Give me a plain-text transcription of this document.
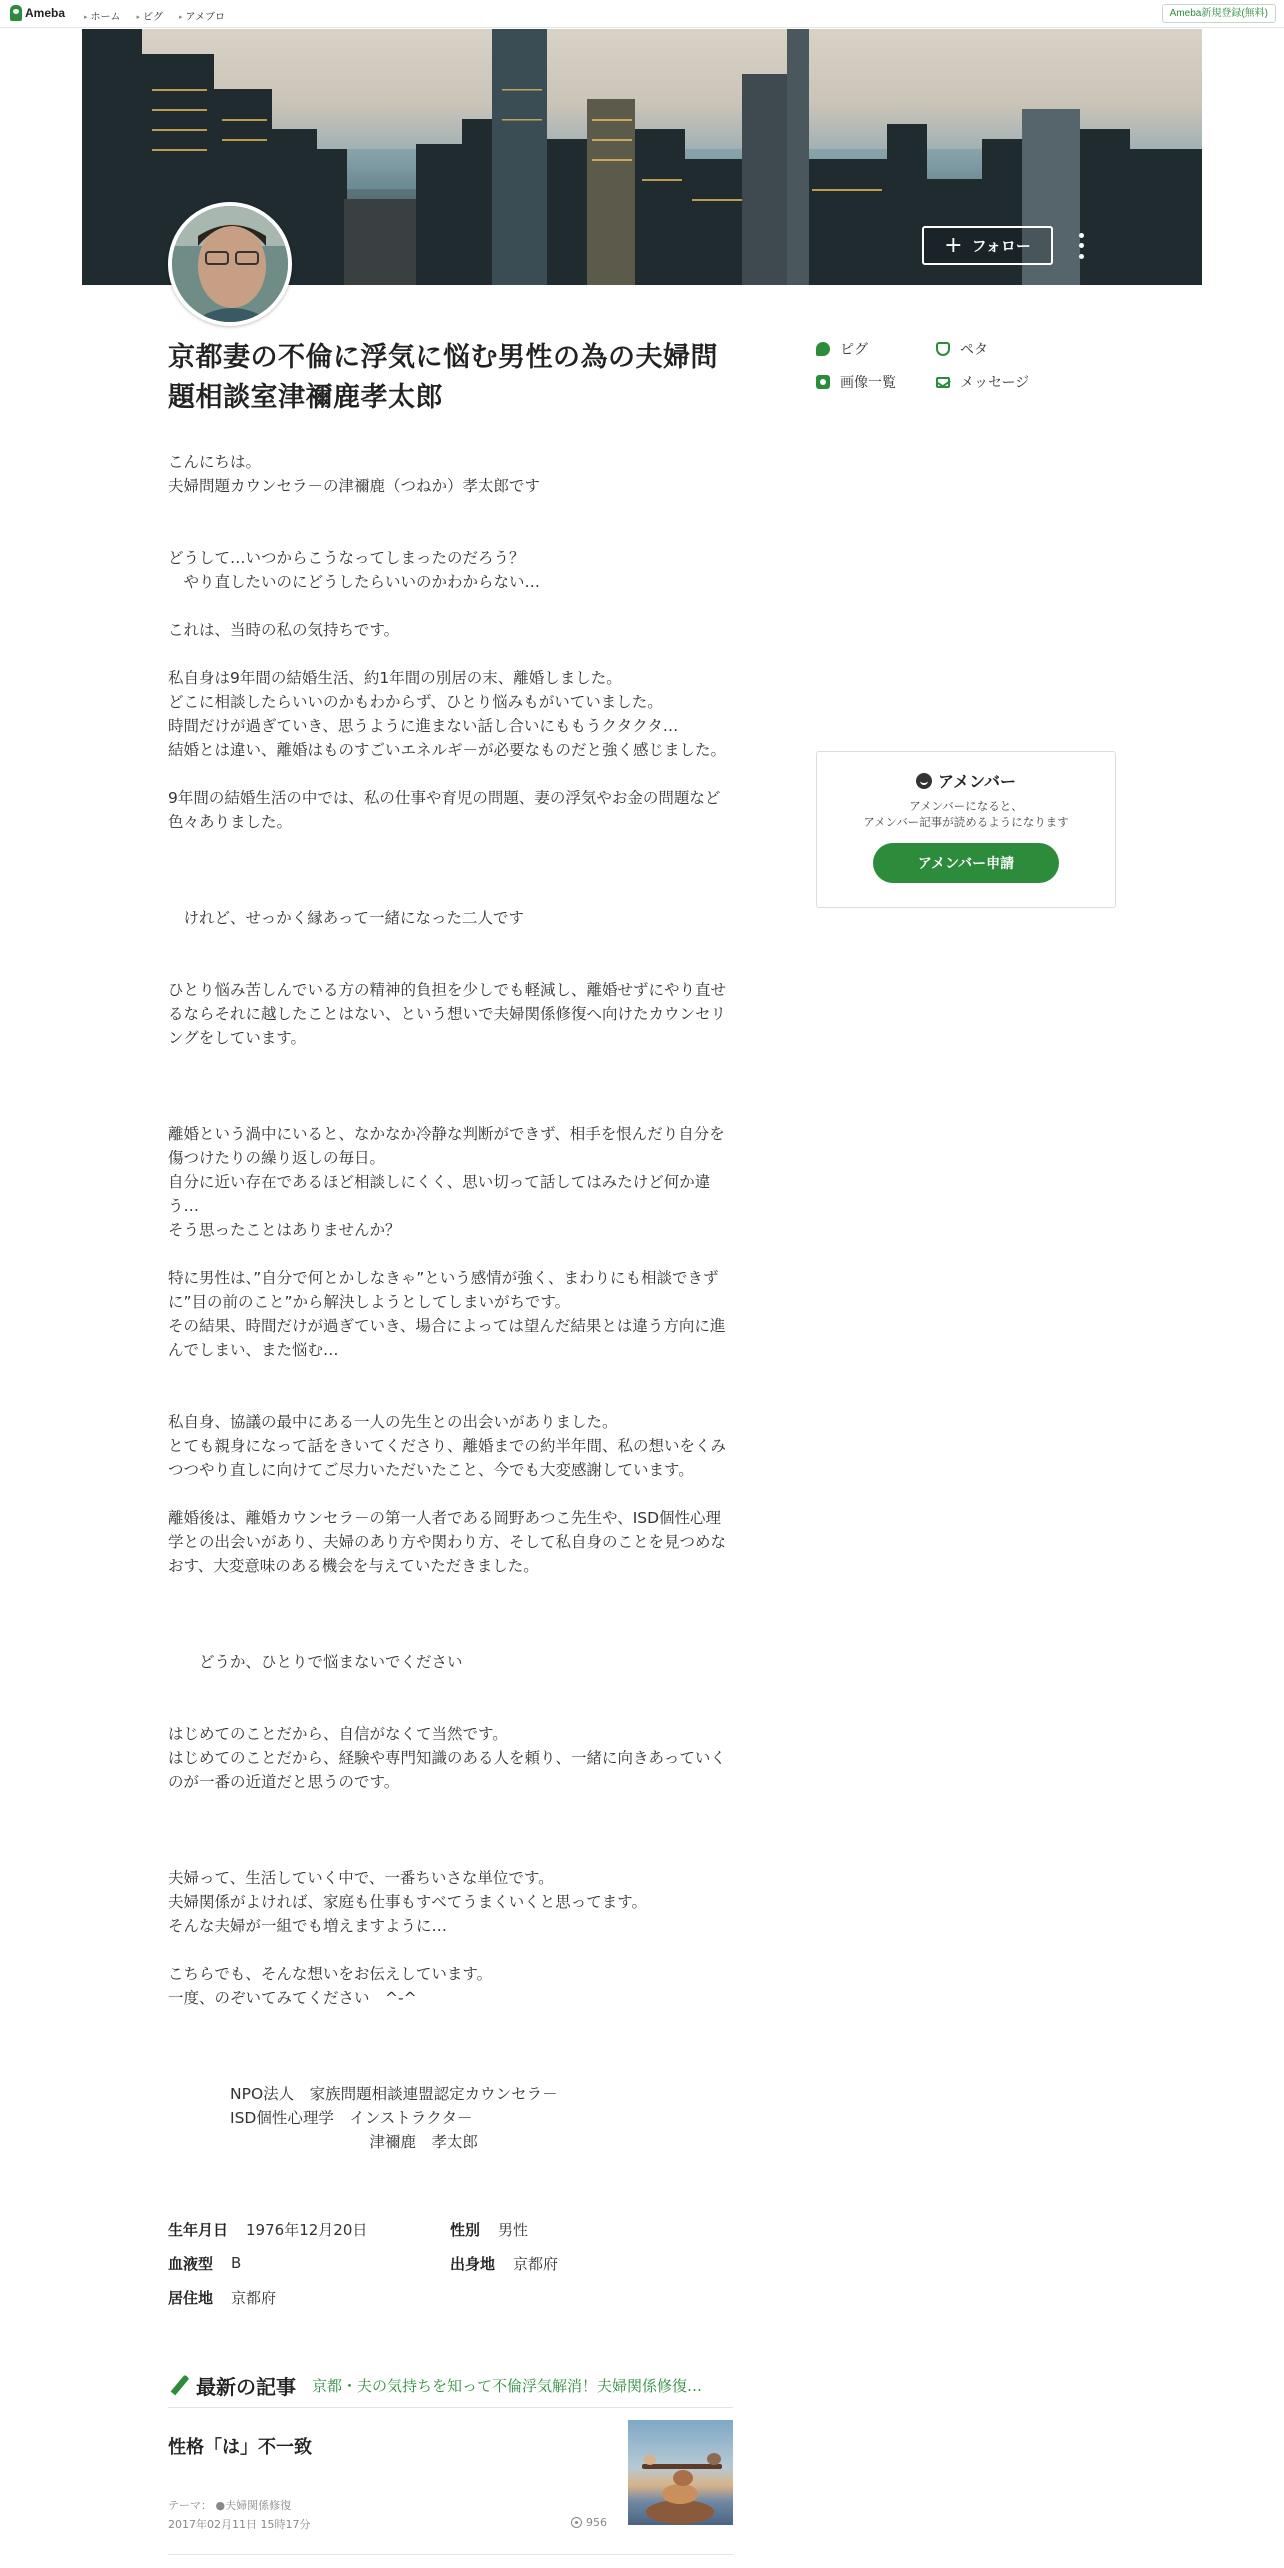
Ameba	▸ ホーム	▸ ピグ	▸ アメブロ	Ameba新規登録(無料)
+ フォロー
京都妻の不倫に浮気に悩む男性の為の夫婦問題相談室津禰鹿孝太郎

こんにちは。
夫婦問題カウンセラ－の津禰鹿（つねか）孝太郎です

どうして…いつからこうなってしまったのだろう？
　やり直したいのにどうしたらいいのかわからない…

これは、当時の私の気持ちです。

私自身は9年間の結婚生活、約1年間の別居の末、離婚しました。
どこに相談したらいいのかもわからず、ひとり悩みもがいていました。
時間だけが過ぎていき、思うように進まない話し合いにももうクタクタ…
結婚とは違い、離婚はものすごいエネルギ－が必要なものだと強く感じました。

9年間の結婚生活の中では、私の仕事や育児の問題、妻の浮気やお金の問題など色々ありました。

　けれど、せっかく縁あって一緒になった二人です

ひとり悩み苦しんでいる方の精神的負担を少しでも軽減し、離婚せずにやり直せるならそれに越したことはない、という想いで夫婦関係修復へ向けたカウンセリングをしています。

離婚という渦中にいると、なかなか冷静な判断ができず、相手を恨んだり自分を傷つけたりの繰り返しの毎日。
自分に近い存在であるほど相談しにくく、思い切って話してはみたけど何か違う…
そう思ったことはありませんか？

特に男性は、”自分で何とかしなきゃ”という感情が強く、まわりにも相談できずに”目の前のこと”から解決しようとしてしまいがちです。
その結果、時間だけが過ぎていき、場合によっては望んだ結果とは違う方向に進んでしまい、また悩む…

私自身、協議の最中にある一人の先生との出会いがありました。
とても親身になって話をきいてくださり、離婚までの約半年間、私の想いをくみつつやり直しに向けてご尽力いただいたこと、今でも大変感謝しています。

離婚後は、離婚カウンセラ－の第一人者である岡野あつこ先生や、ISD個性心理学との出会いがあり、夫婦のあり方や関わり方、そして私自身のことを見つめなおす、大変意味のある機会を与えていただきました。

　　どうか、ひとりで悩まないでください

はじめてのことだから、自信がなくて当然です。
はじめてのことだから、経験や専門知識のある人を頼り、一緒に向きあっていくのが一番の近道だと思うのです。

夫婦って、生活していく中で、一番ちいさな単位です。
夫婦関係がよければ、家庭も仕事もすべてうまくいくと思ってます。
そんな夫婦が一組でも増えますように…

こちらでも、そんな想いをお伝えしています。
一度、のぞいてみてください　^-^

　　　　NPO法人　家族問題相談連盟認定カウンセラ－
　　　　ISD個性心理学　インストラクタ－
　　　　　　　　　　　　　津禰鹿　孝太郎

ピグ	ペタ
画像一覧	メッセージ
アメンバー
アメンバーになると、
アメンバー記事が読めるようになります
アメンバー申請
生年月日 1976年12月20日	性別 男性
血液型 B	出身地 京都府
居住地 京都府
最新の記事 京都・夫の気持ちを知って不倫浮気解消！夫婦関係修復…
性格「は」不一致
テーマ： ●夫婦関係修復
2017年02月11日 15時17分	956
